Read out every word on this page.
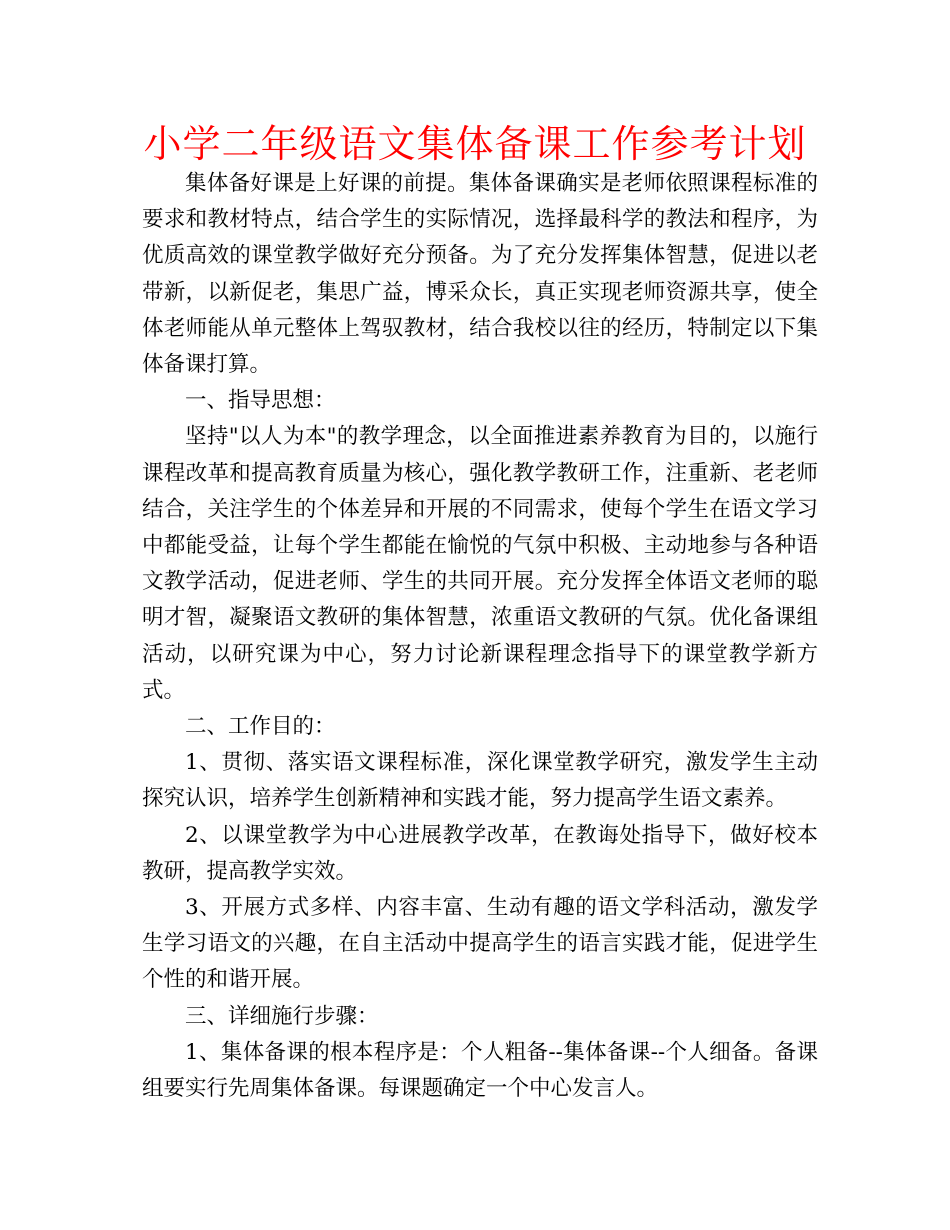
小学二年级语文集体备课工作参考计划

集体备好课是上好课的前提。集体备课确实是老师依照课程标准的要求和教材特点，结合学生的实际情况，选择最科学的教法和程序，为优质高效的课堂教学做好充分预备。为了充分发挥集体智慧，促进以老带新，以新促老，集思广益，博采众长，真正实现老师资源共享，使全体老师能从单元整体上驾驭教材，结合我校以往的经历，特制定以下集体备课打算。

一、指导思想：

坚持"以人为本"的教学理念，以全面推进素养教育为目的，以施行课程改革和提高教育质量为核心，强化教学教研工作，注重新、老老师结合，关注学生的个体差异和开展的不同需求，使每个学生在语文学习中都能受益，让每个学生都能在愉悦的气氛中积极、主动地参与各种语文教学活动，促进老师、学生的共同开展。充分发挥全体语文老师的聪明才智，凝聚语文教研的集体智慧，浓重语文教研的气氛。优化备课组活动，以研究课为中心，努力讨论新课程理念指导下的课堂教学新方式。

二、工作目的：

1、贯彻、落实语文课程标准，深化课堂教学研究，激发学生主动探究认识，培养学生创新精神和实践才能，努力提高学生语文素养。

2、以课堂教学为中心进展教学改革，在教诲处指导下，做好校本教研，提高教学实效。

3、开展方式多样、内容丰富、生动有趣的语文学科活动，激发学生学习语文的兴趣，在自主活动中提高学生的语言实践才能，促进学生个性的和谐开展。

三、详细施行步骤：

1、集体备课的根本程序是：个人粗备--集体备课--个人细备。备课组要实行先周集体备课。每课题确定一个中心发言人。
